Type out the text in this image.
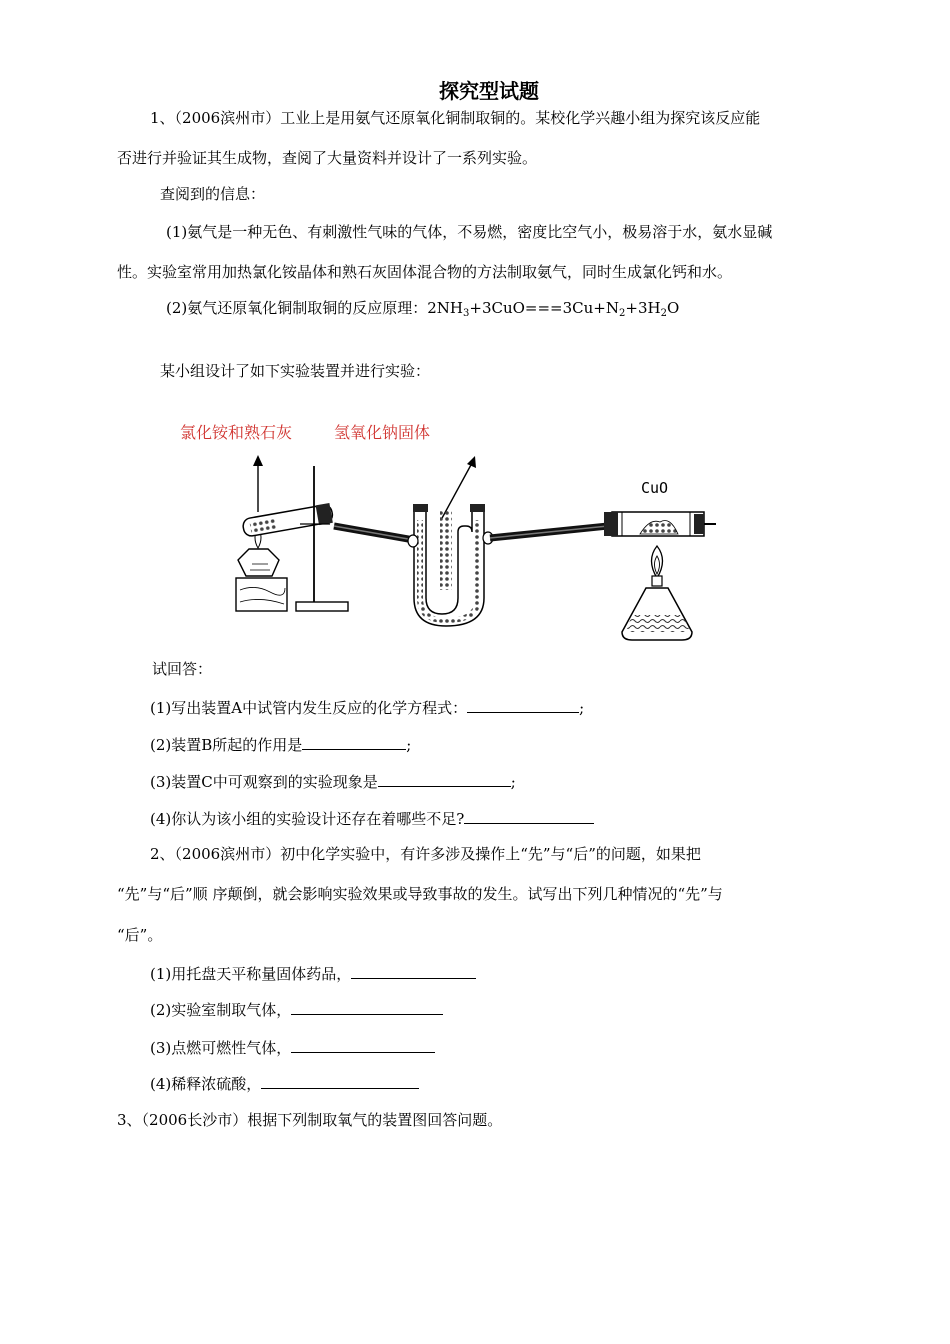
探究型试题
1、（2006滨州市）工业上是用氨气还原氧化铜制取铜的。某校化学兴趣小组为探究该反应能
否进行并验证其生成物，查阅了大量资料并设计了一系列实验。
查阅到的信息：
(1)氨气是一种无色、有刺激性气味的气体，不易燃，密度比空气小，极易溶于水，氨水显碱
性。实验室常用加热氯化铵晶体和熟石灰固体混合物的方法制取氨气，同时生成氯化钙和水。
(2)氨气还原氧化铜制取铜的反应原理：$2NH_3+3CuO===3Cu+N_2+3H_2O$
某小组设计了如下实验装置并进行实验：
氯化铵和熟石灰	氢氧化钠固体
CuO
试回答：
(1)写出装置A中试管内发生反应的化学方程式：	;
(2)装置B所起的作用是	;
(3)装置C中可观察到的实验现象是	;
(4)你认为该小组的实验设计还存在着哪些不足?
2、（2006滨州市）初中化学实验中，有许多涉及操作上“先”与“后”的问题，如果把
“先”与“后”顺 序颠倒，就会影响实验效果或导致事故的发生。试写出下列几种情况的“先”与
“后”。
(1)用托盘天平称量固体药品，
(2)实验室制取气体，
(3)点燃可燃性气体，
(4)稀释浓硫酸，
3、（2006长沙市）根据下列制取氧气的装置图回答问题。
